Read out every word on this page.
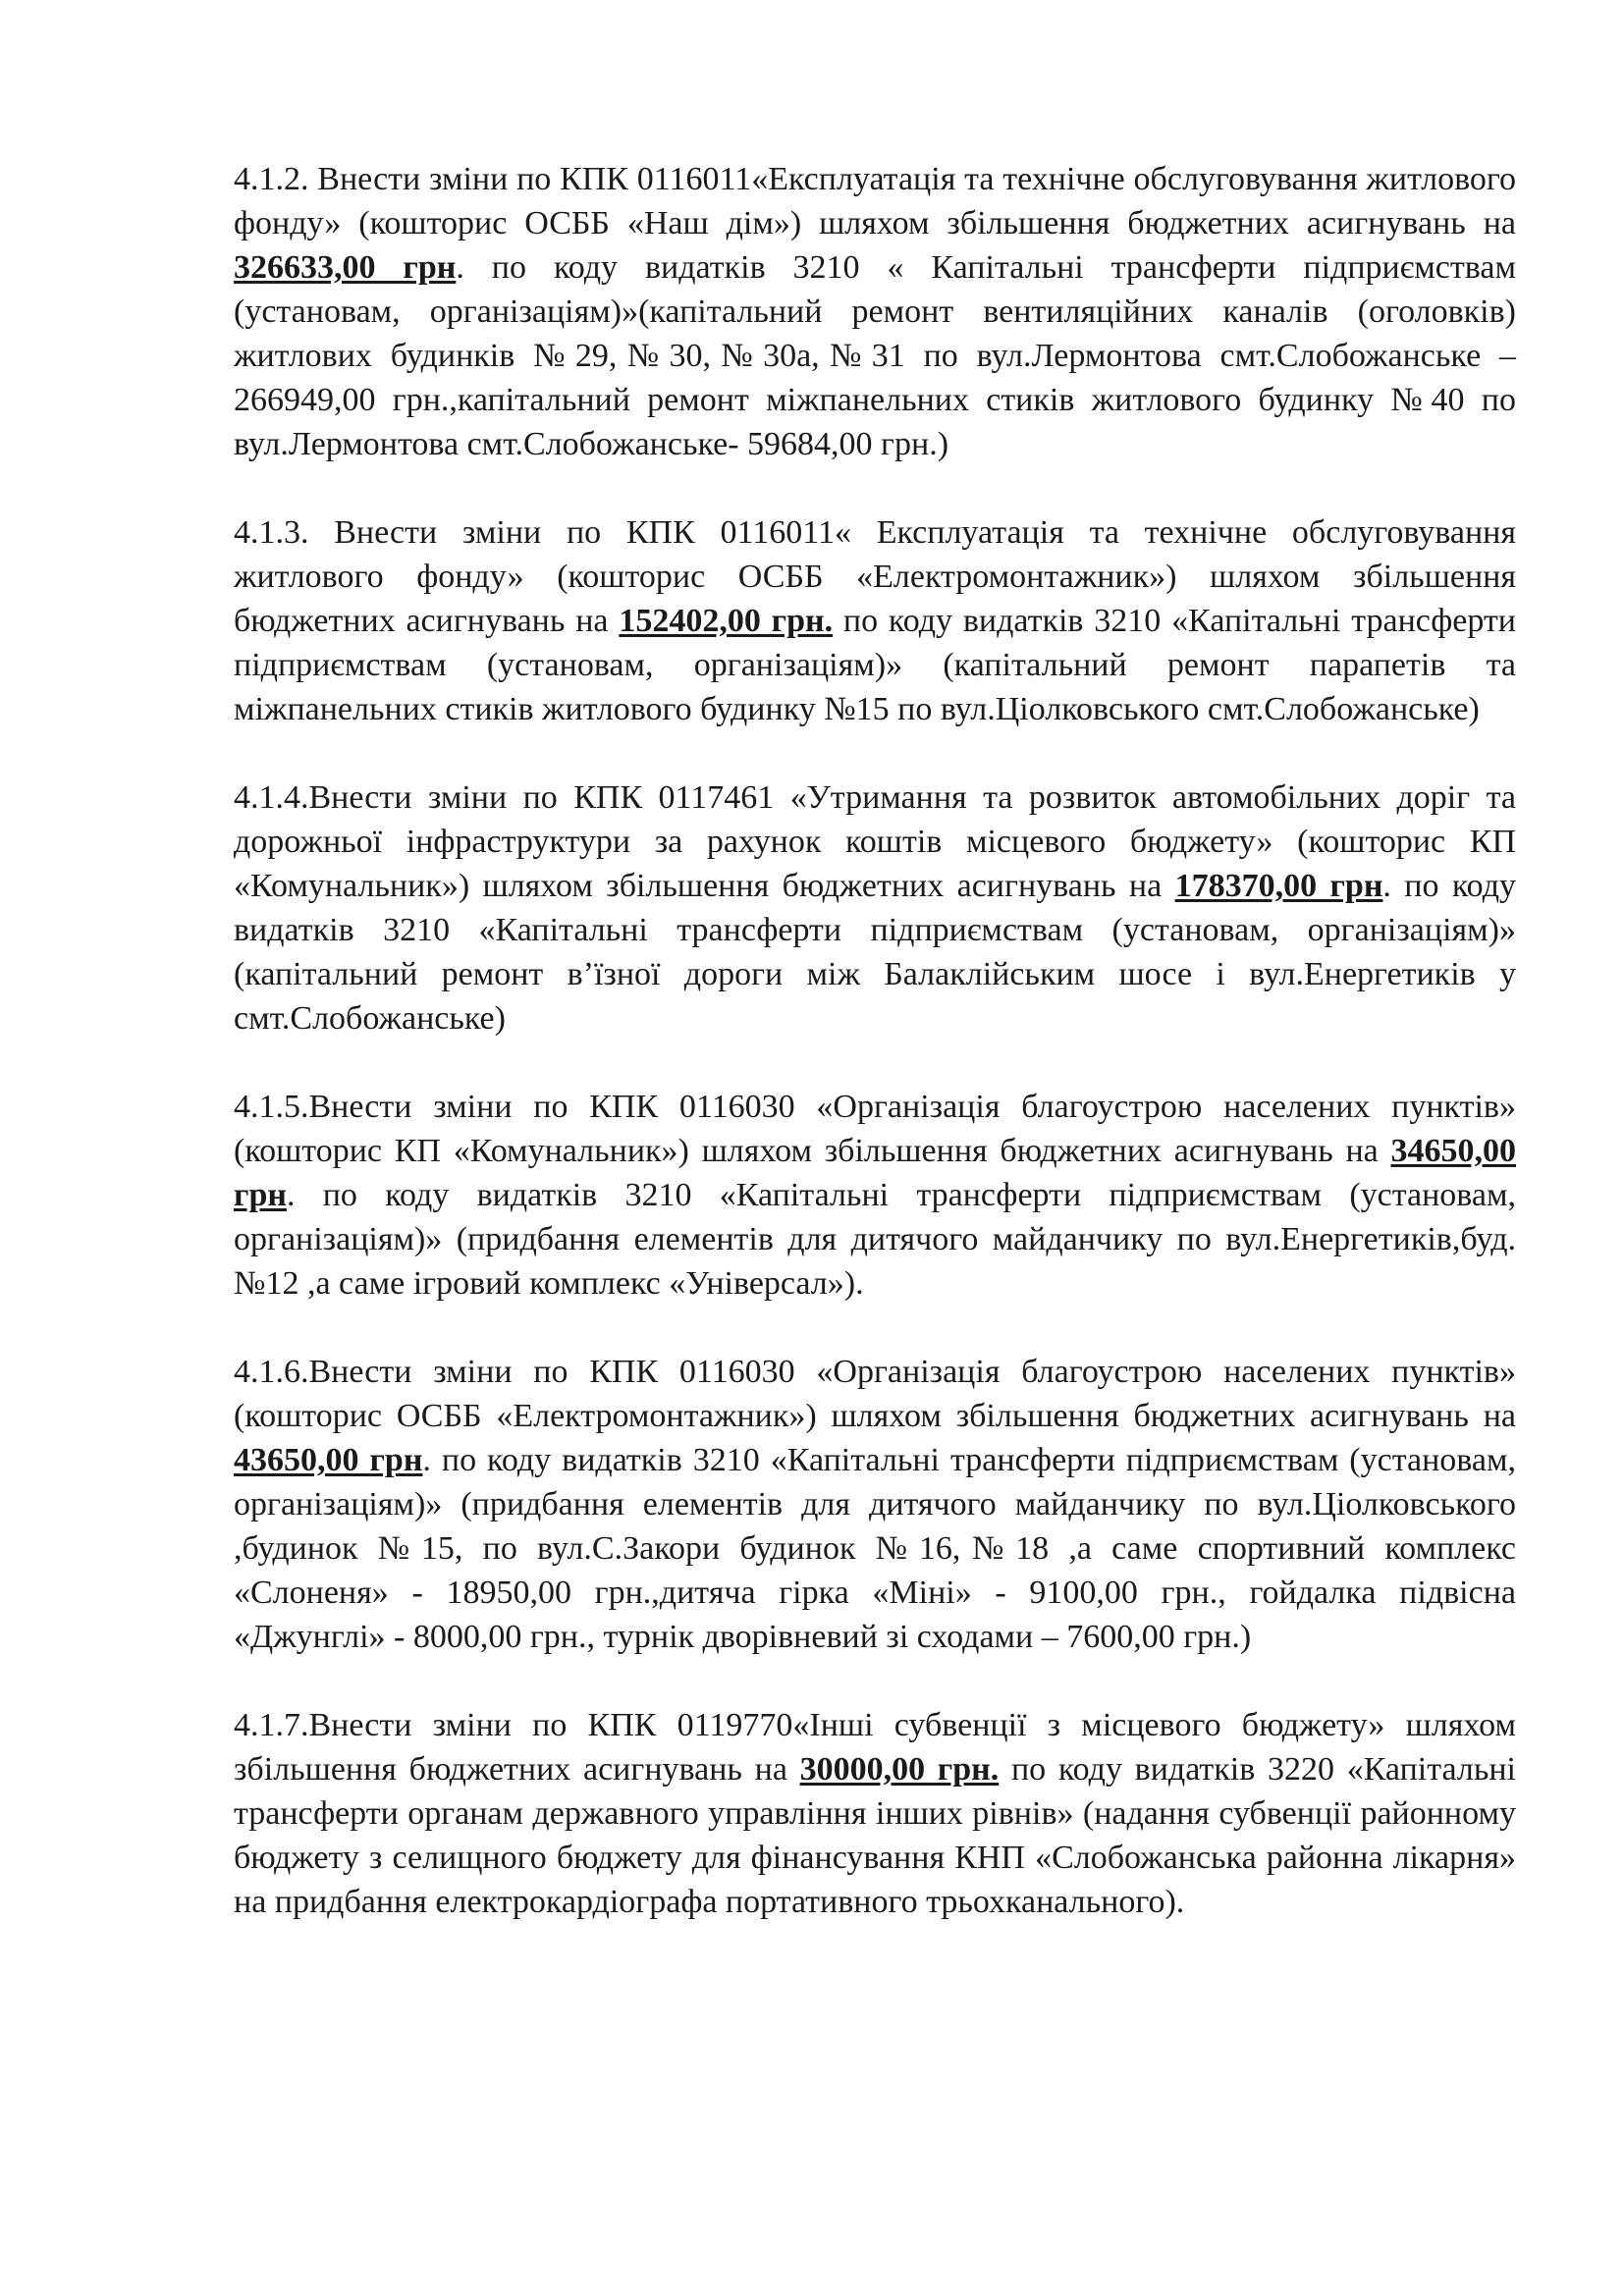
4.1.2. Внести зміни по КПК 0116011«Експлуатація та технічне обслуговування житлового фонду» (кошторис ОСББ «Наш дім») шляхом збільшення бюджетних асигнувань на 326633,00 грн. по коду видатків 3210 « Капітальні трансферти підприємствам (установам, організаціям)»(капітальний ремонт вентиляційних каналів (оголовків) житлових будинків №29,№30,№30а,№31 по вул.Лермонтова смт.Слобожанське – 266949,00 грн.,капітальний ремонт міжпанельних стиків житлового будинку №40 по вул.Лермонтова смт.Слобожанське- 59684,00 грн.)

4.1.3. Внести зміни по КПК 0116011« Експлуатація та технічне обслуговування житлового фонду» (кошторис ОСББ «Електромонтажник») шляхом збільшення бюджетних асигнувань на 152402,00 грн. по коду видатків 3210 «Капітальні трансферти підприємствам (установам, організаціям)» (капітальний ремонт парапетів та міжпанельних стиків житлового будинку №15 по вул.Ціолковського смт.Слобожанське)

4.1.4.Внести зміни по КПК 0117461 «Утримання та розвиток автомобільних доріг та дорожньої інфраструктури за рахунок коштів місцевого бюджету» (кошторис КП «Комунальник») шляхом збільшення бюджетних асигнувань на 178370,00 грн. по коду видатків 3210 «Капітальні трансферти підприємствам (установам, організаціям)» (капітальний ремонт в’їзної дороги між Балаклійським шосе і вул.Енергетиків у смт.Слобожанське)

4.1.5.Внести зміни по КПК 0116030 «Організація благоустрою населених пунктів» (кошторис КП «Комунальник») шляхом збільшення бюджетних асигнувань на 34650,00 грн. по коду видатків 3210 «Капітальні трансферти підприємствам (установам, організаціям)» (придбання елементів для дитячого майданчику по вул.Енергетиків,буд.№12 ,а саме ігровий комплекс «Універсал»).

4.1.6.Внести зміни по КПК 0116030 «Організація благоустрою населених пунктів» (кошторис ОСББ «Електромонтажник») шляхом збільшення бюджетних асигнувань на 43650,00 грн. по коду видатків 3210 «Капітальні трансферти підприємствам (установам, організаціям)» (придбання елементів для дитячого майданчику по вул.Ціолковського ,будинок №15, по вул.С.Закори будинок №16,№18 ,а саме спортивний комплекс «Слоненя» - 18950,00 грн.,дитяча гірка «Міні» - 9100,00 грн., гойдалка підвісна «Джунглі» - 8000,00 грн., турнік дворівневий зі сходами – 7600,00 грн.)

4.1.7.Внести зміни по КПК 0119770«Інші субвенції з місцевого бюджету» шляхом збільшення бюджетних асигнувань на 30000,00 грн. по коду видатків 3220 «Капітальні трансферти органам державного управління інших рівнів» (надання субвенції районному бюджету з селищного бюджету для фінансування КНП «Слобожанська районна лікарня» на придбання електрокардіографа портативного трьохканального).
